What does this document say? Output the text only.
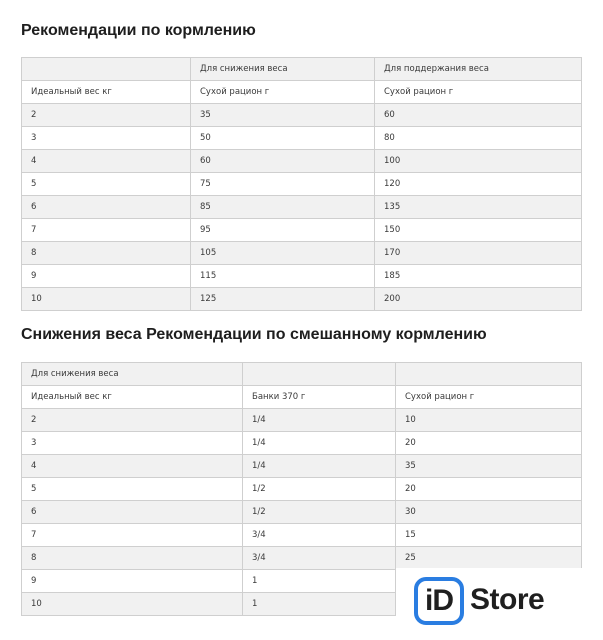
Рекомендации по кормлению
	Для снижения веса	Для поддержания веса
Идеальный вес кг	Сухой рацион г	Сухой рацион г
2	35	60
3	50	80
4	60	100
5	75	120
6	85	135
7	95	150
8	105	170
9	115	185
10	125	200
Снижения веса Рекомендации по смешанному кормлению
Для снижения веса		
Идеальный вес кг	Банки 370 г	Сухой рацион г
2	1/4	10
3	1/4	20
4	1/4	35
5	1/2	20
6	1/2	30
7	3/4	15
8	3/4	25
9	1	
10	1		iD Store
